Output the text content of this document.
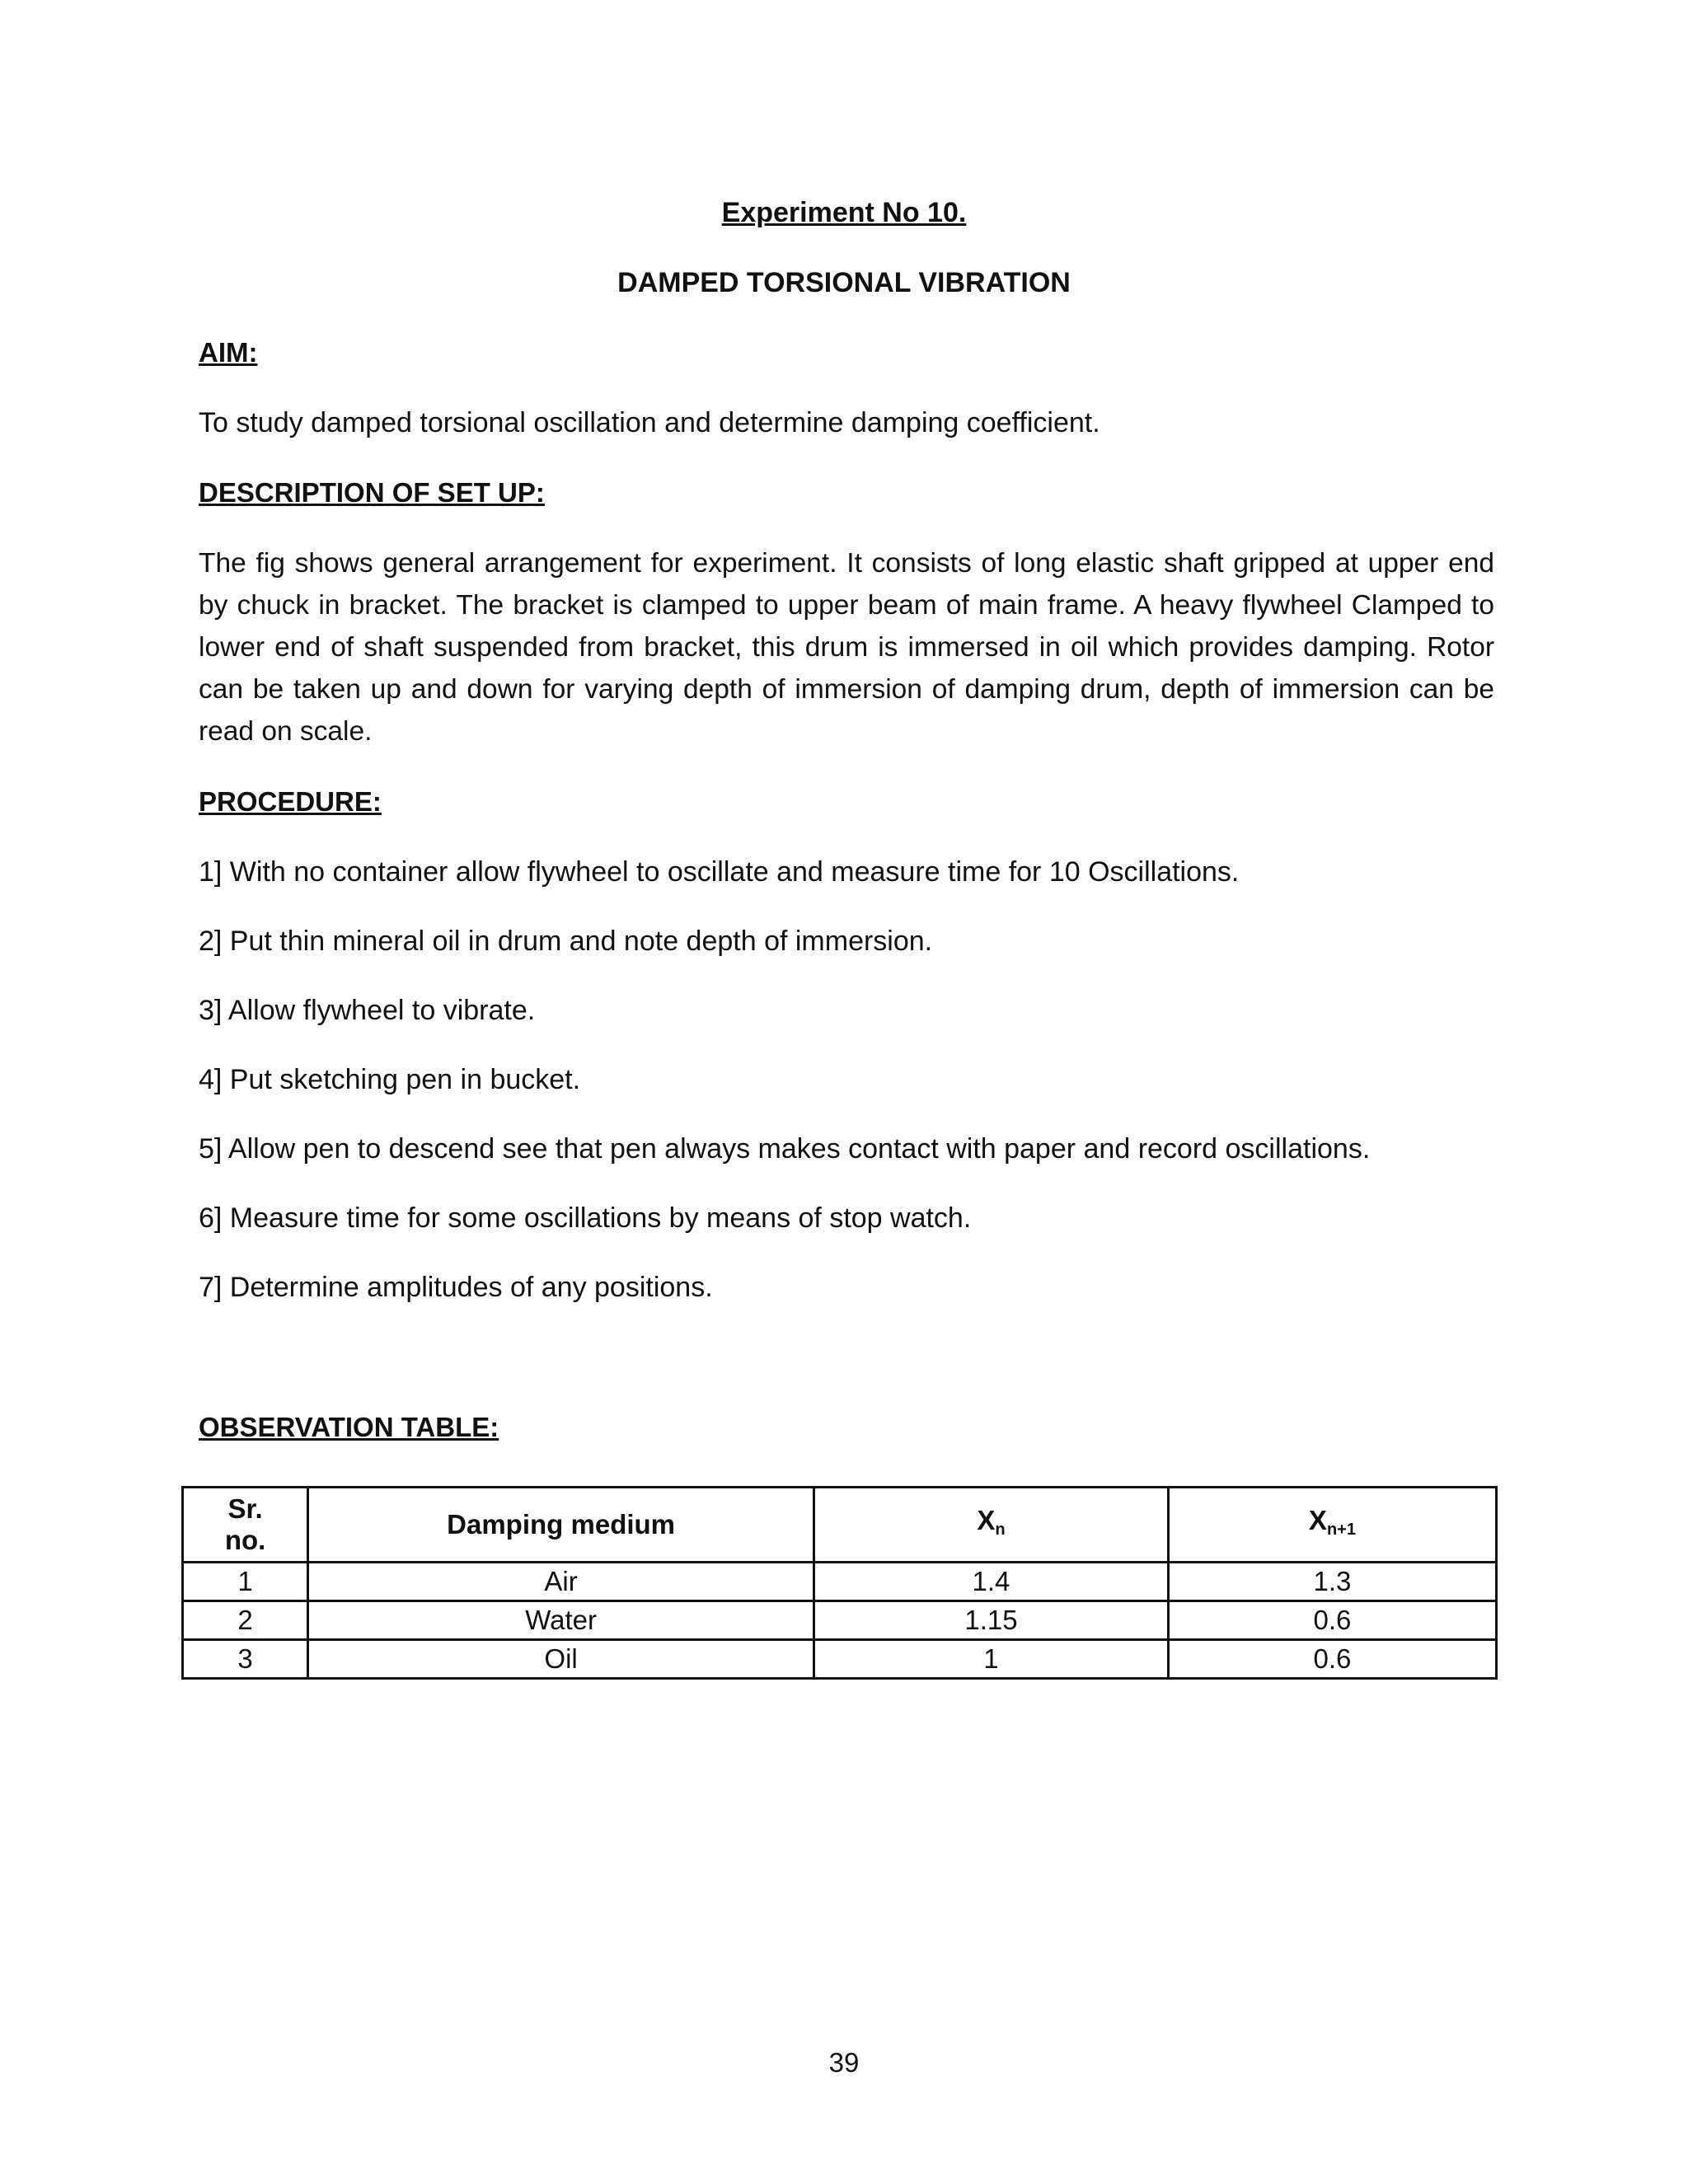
Experiment No 10.
DAMPED TORSIONAL VIBRATION
AIM:
To study damped torsional oscillation and determine damping coefficient.
DESCRIPTION OF SET UP:
The fig shows general arrangement for experiment. It consists of long elastic shaft gripped at upper end by chuck in bracket. The bracket is clamped to upper beam of main frame. A heavy flywheel Clamped to lower end of shaft suspended from bracket, this drum is immersed in oil which provides damping. Rotor can be taken up and down for varying depth of immersion of damping drum, depth of immersion can be read on scale.
PROCEDURE:
1] With no container allow flywheel to oscillate and measure time for 10 Oscillations.
2] Put thin mineral oil in drum and note depth of immersion.
3] Allow flywheel to vibrate.
4] Put sketching pen in bucket.
5] Allow pen to descend see that pen always makes contact with paper and record oscillations.
6] Measure time for some oscillations by means of stop watch.
7] Determine amplitudes of any positions.
OBSERVATION TABLE:
Sr.
no.	Damping medium	$X_n$	$X_{n+1}$
1	Air	1.4	1.3
2	Water	1.15	0.6
3	Oil	1	0.6
39
